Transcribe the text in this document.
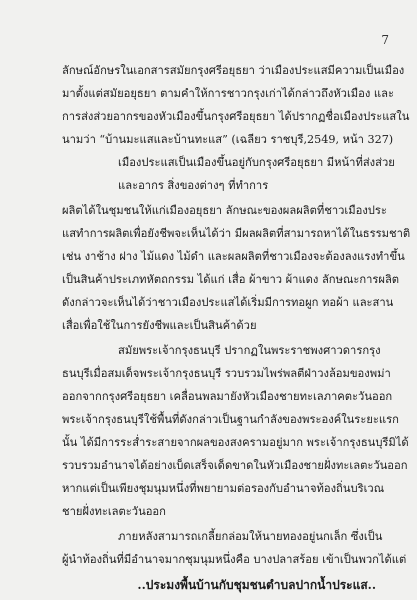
7
ลักษณ์อักษรในเอกสารสมัยกรุงศรีอยุธยา ว่าเมืองประแสมีความเป็นเมือง
มาตั้งแต่สมัยอยุธยา ตามคำให้การชาวกรุงเก่าได้กล่าวถึงหัวเมือง และ
การส่งส่วยอากรของหัวเมืองขึ้นกรุงศรีอยุธยา ได้ปรากฏชื่อเมืองประแสใน
นามว่า “บ้านมะแสและบ้านทะแส” (เฉลียว ราชบุรี,2549, หน้า 327)
เมืองประแสเป็นเมืองขึ้นอยู่กับกรุงศรีอยุธยา มีหน้าที่ส่งส่วย
และอากร สิ่งของต่างๆ ที่ทำการ
ผลิตได้ในชุมชนให้แก่เมืองอยุธยา ลักษณะของผลผลิตที่ชาวเมืองประ
แสทำการผลิตเพื่อยังชีพจะเห็นได้ว่า มีผลผลิตที่สามารถหาได้ในธรรมชาติ
เช่น งาช้าง ฝาง ไม้แดง ไม้ดำ และผลผลิตที่ชาวเมืองจะต้องลงแรงทำขึ้น
เป็นสินค้าประเภทหัตถกรรม ได้แก่ เสื่อ ผ้าขาว ผ้าแดง ลักษณะการผลิต
ดังกล่าวจะเห็นได้ว่าชาวเมืองประแสได้เริ่มมีการทอผูก ทอผ้า และสาน
เสื่อเพื่อใช้ในการยังชีพและเป็นสินค้าด้วย
สมัยพระเจ้ากรุงธนบุรี ปรากฏในพระราชพงศาวดารกรุง
ธนบุรีเมื่อสมเด็จพระเจ้ากรุงธนบุรี รวบรวมไพร่พลตีฝ่าวงล้อมของพม่า
ออกจากกรุงศรีอยุธยา เคลื่อนพลมายังหัวเมืองชายทะเลภาคตะวันออก
พระเจ้ากรุงธนบุรีใช้พื้นที่ดังกล่าวเป็นฐานกำลังของพระองค์ในระยะแรก
นั้น ได้มีการระส่ำระสายจากผลของสงครามอยู่มาก พระเจ้ากรุงธนบุรีมิได้
รวบรวมอำนาจได้อย่างเบ็ดเสร็จเด็ดขาดในหัวเมืองชายฝั่งทะเลตะวันออก
หากแต่เป็นเพียงชุมนุมหนึ่งที่พยายามต่อรองกับอำนาจท้องถิ่นบริเวณ
ชายฝั่งทะเลตะวันออก
ภายหลังสามารถเกลี้ยกล่อมให้นายทองอยู่นกเล็ก ซึ่งเป็น
ผู้นำท้องถิ่นที่มีอำนาจมากชุมนุมหนึ่งคือ บางปลาสร้อย เข้าเป็นพวกได้แต่
..ประมงพื้นบ้านกับชุมชนตำบลปากน้ำประแส..
